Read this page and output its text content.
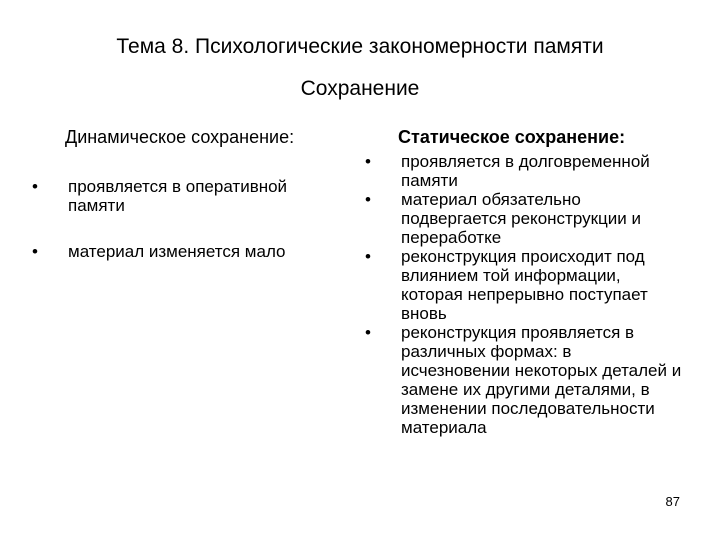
Тема 8. Психологические закономерности памяти
Сохранение
Динамическое сохранение:
•	проявляется в оперативной памяти
•	материал изменяется мало
Статическое сохранение:
•	проявляется в долговременной памяти
•	материал обязательно подвергается реконструкции и переработке
•	реконструкция происходит под влиянием той информации, которая непрерывно поступает вновь
•	реконструкция проявляется в различных формах: в исчезновении некоторых деталей и замене их другими деталями, в изменении последовательности материала
87
